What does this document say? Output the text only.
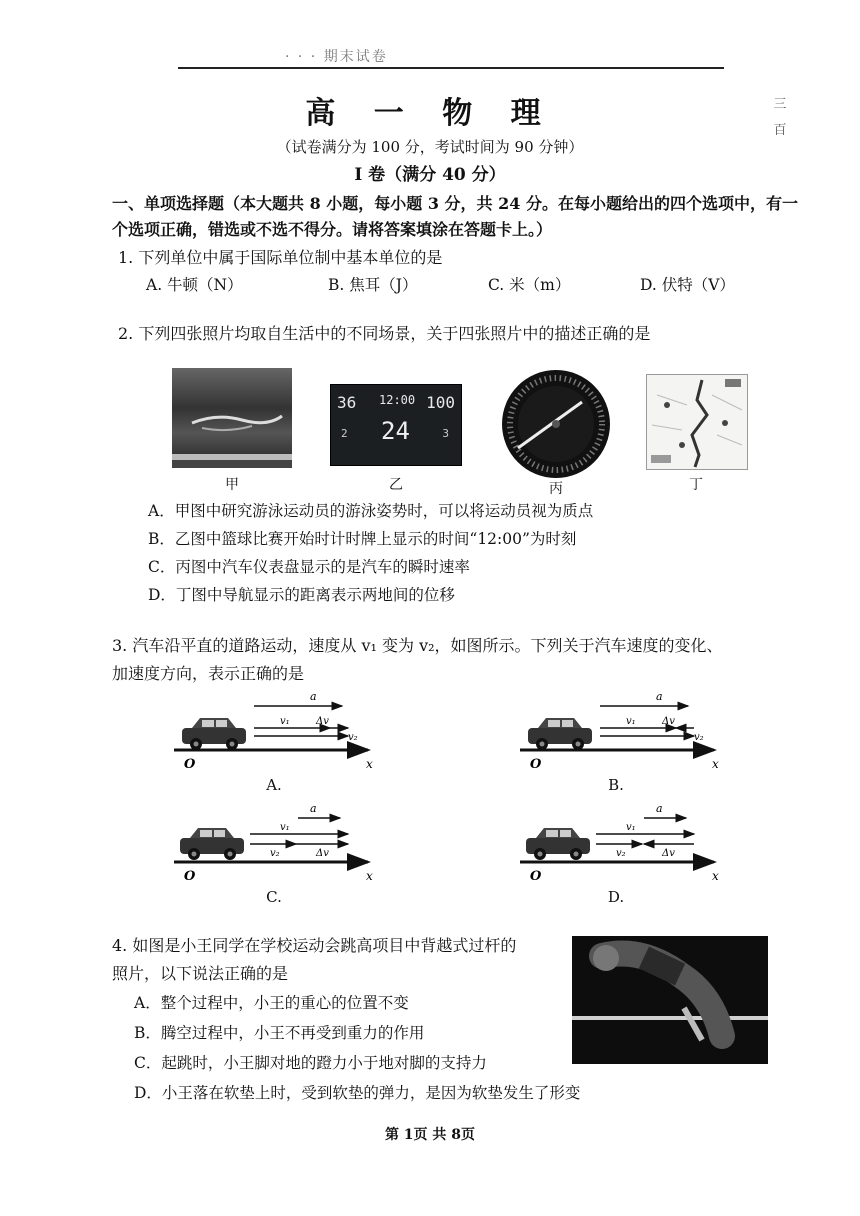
· · · 期末试卷
三
百
高 一 物 理
（试卷满分为 100 分，考试时间为 90 分钟）
I 卷（满分 40 分）
一、单项选择题（本大题共 8 小题，每小题 3 分，共 24 分。在每小题给出的四个选项中，有一个选项正确，错选或不选不得分。请将答案填涂在答题卡上。）
1. 下列单位中属于国际单位制中基本单位的是
A. 牛顿（N）	B. 焦耳（J）	C. 米（m）	D. 伏特（V）
2. 下列四张照片均取自生活中的不同场景，关于四张照片中的描述正确的是
甲
36 12:00 100
24
2	3
乙	丙	丁
A．甲图中研究游泳运动员的游泳姿势时，可以将运动员视为质点
B．乙图中篮球比赛开始时计时牌上显示的时间“12:00”为时刻
C．丙图中汽车仪表盘显示的是汽车的瞬时速率
D．丁图中导航显示的距离表示两地间的位移
3. 汽车沿平直的道路运动，速度从 v₁ 变为 v₂，如图所示。下列关于汽车速度的变化、
加速度方向，表示正确的是
a
v₁	Δv
v₂
O	x
A.
a
v₁	Δv
v₂
O	x
B.
a
v₁
v₂	Δv
O	x
C.
a
v₁
v₂	Δv
O	x
D.
4. 如图是小王同学在学校运动会跳高项目中背越式过杆的
照片，以下说法正确的是
A．整个过程中，小王的重心的位置不变
B．腾空过程中，小王不再受到重力的作用
C．起跳时，小王脚对地的蹬力小于地对脚的支持力
D．小王落在软垫上时，受到软垫的弹力，是因为软垫发生了形变
第 1页 共 8页
